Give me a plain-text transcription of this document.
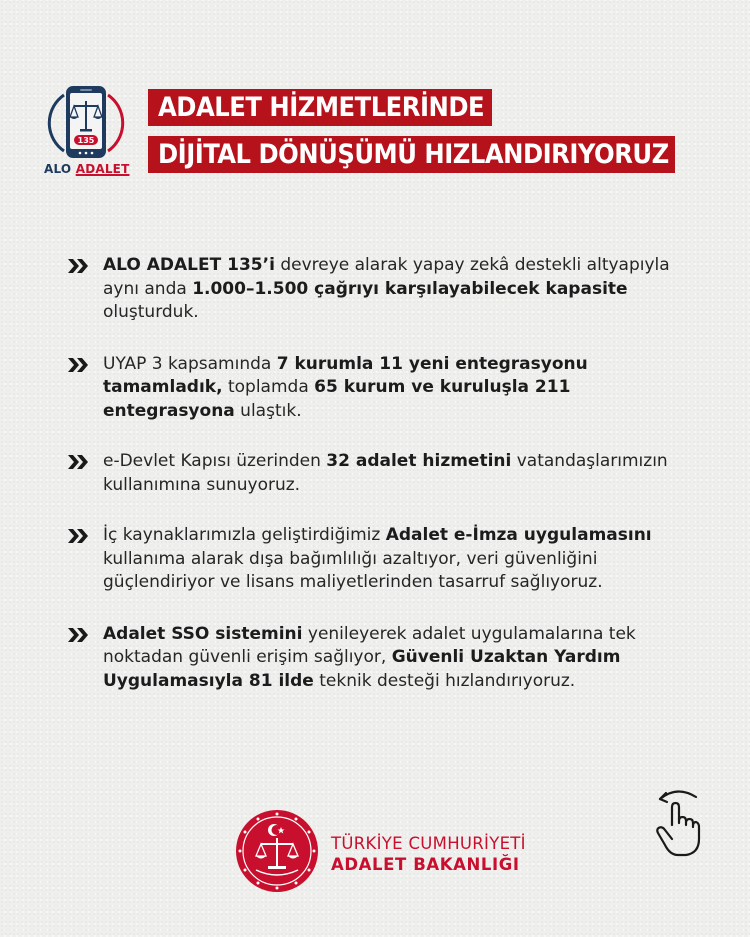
135
ALO ADALET
ADALET HİZMETLERİNDE
DİJİTAL DÖNÜŞÜMÜ HIZLANDIRIYORUZ
ALO ADALET 135’i devreye alarak yapay zekâ destekli altyapıyla aynı anda 1.000–1.500 çağrıyı karşılayabilecek kapasite oluşturduk.
UYAP 3 kapsamında 7 kurumla 11 yeni entegrasyonu tamamladık, toplamda 65 kurum ve kuruluşla 211 entegrasyona ulaştık.
e-Devlet Kapısı üzerinden 32 adalet hizmetini vatandaşlarımızın kullanımına sunuyoruz.
İç kaynaklarımızla geliştirdiğimiz Adalet e-İmza uygulamasını kullanıma alarak dışa bağımlılığı azaltıyor, veri güvenliğini güçlendiriyor ve lisans maliyetlerinden tasarruf sağlıyoruz.
Adalet SSO sistemini yenileyerek adalet uygulamalarına tek noktadan güvenli erişim sağlıyor, Güvenli Uzaktan Yardım Uygulamasıyla 81 ilde teknik desteği hızlandırıyoruz.
TÜRKİYE CUMHURİYETİ
ADALET BAKANLIĞI
